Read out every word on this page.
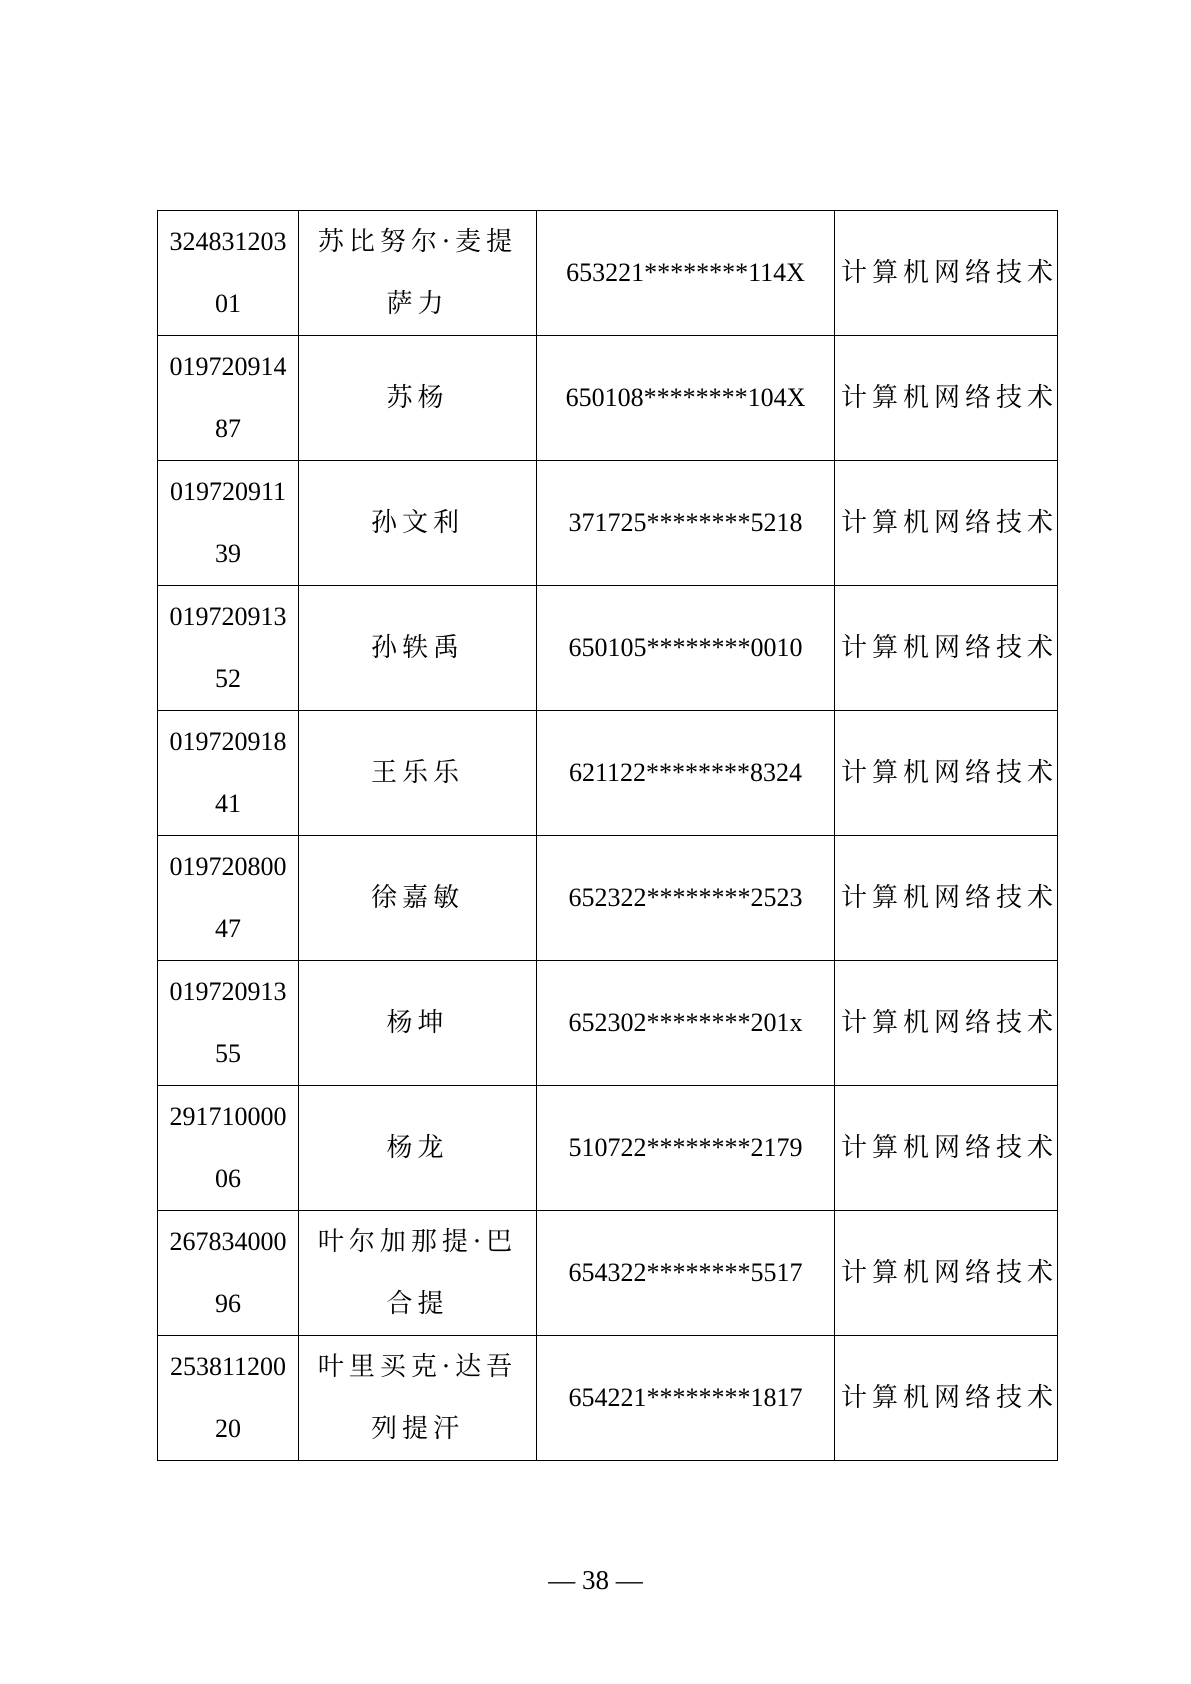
32483120301	苏比努尔·麦提萨力	653221********114X	计算机网络技术
01972091487	苏杨	650108********104X	计算机网络技术
01972091139	孙文利	371725********5218	计算机网络技术
01972091352	孙轶禹	650105********0010	计算机网络技术
01972091841	王乐乐	621122********8324	计算机网络技术
01972080047	徐嘉敏	652322********2523	计算机网络技术
01972091355	杨坤	652302********201x	计算机网络技术
29171000006	杨龙	510722********2179	计算机网络技术
26783400096	叶尔加那提·巴合提	654322********5517	计算机网络技术
25381120020	叶里买克·达吾列提汗	654221********1817	计算机网络技术
— 38 —
